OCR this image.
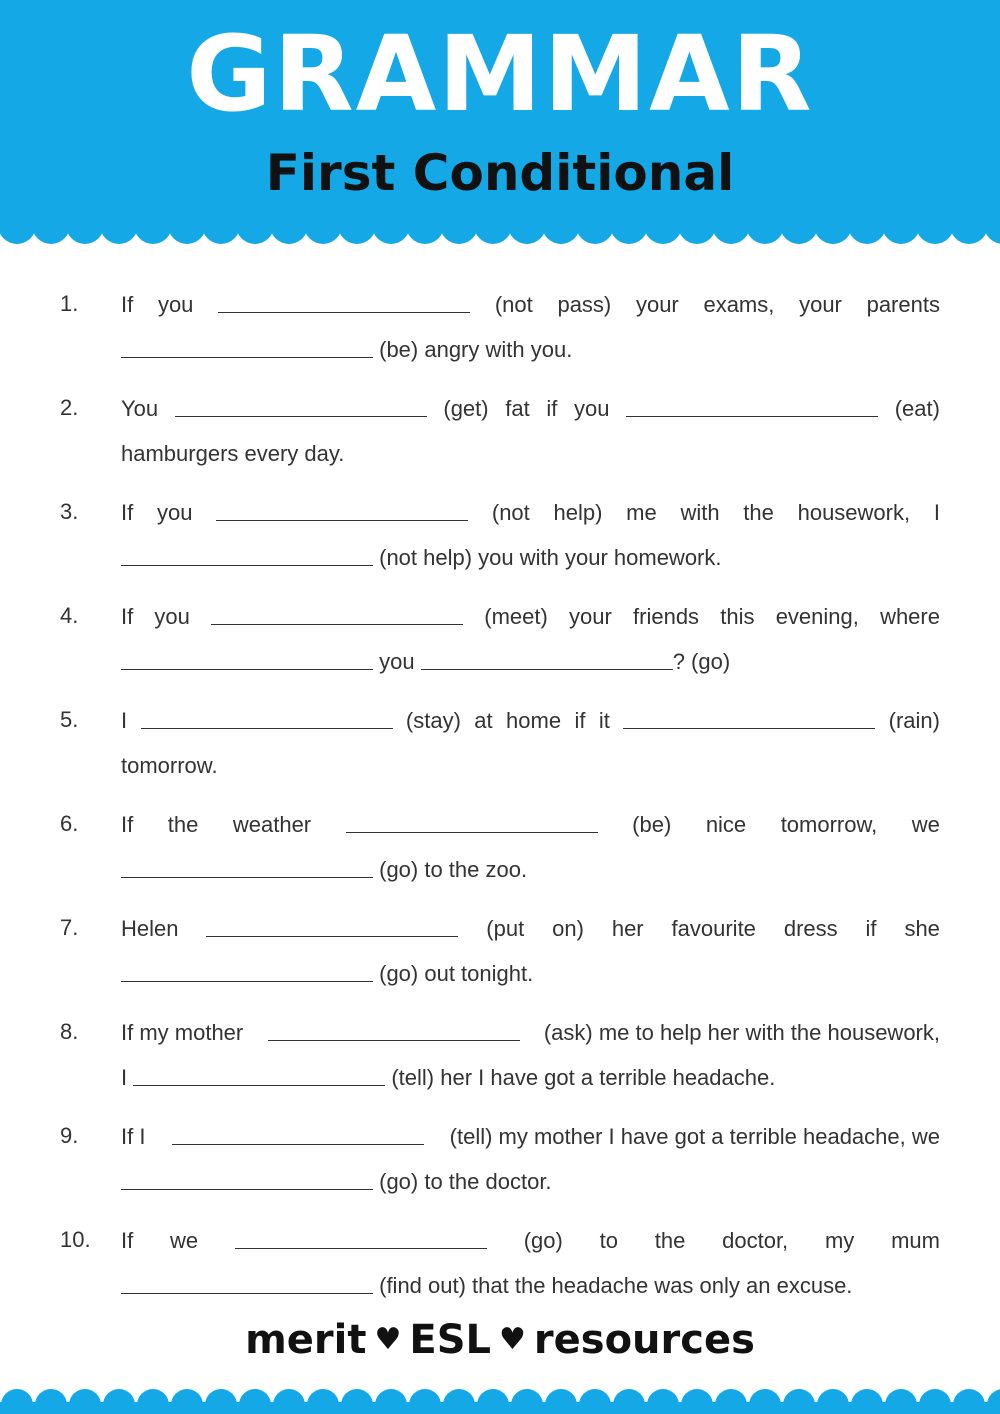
GRAMMAR
First Conditional
1. If you	(not pass) your exams, your parents
(be) angry with you.
2. You	(get) fat if you	(eat)
hamburgers every day.
3. If you	(not help) me with the housework, I
(not help) you with your homework.
4. If you	(meet) your friends this evening, where
you	? (go)
5. I	(stay) at home if it	(rain)
tomorrow.
6. If the weather	(be) nice tomorrow, we
(go) to the zoo.
7. Helen	(put on) her favourite dress if she
(go) out tonight.
8. If my mother	(ask) me to help her with the housework,
I	(tell) her I have got a terrible headache.
9. If I	(tell) my mother I have got a terrible headache, we
(go) to the doctor.
10. If we	(go) to the doctor, my mum
(find out) that the headache was only an excuse.
merit ♥ ESL ♥ resources
